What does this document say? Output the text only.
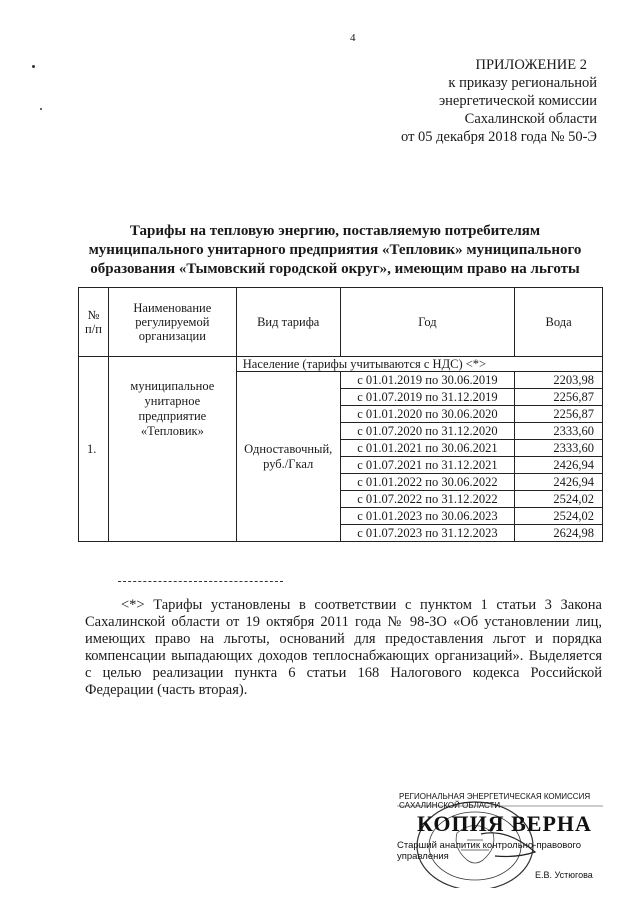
4
ПРИЛОЖЕНИЕ 2
к приказу региональной
энергетической комиссии
Сахалинской области
от 05 декабря 2018 года № 50-Э
Тарифы на тепловую энергию, поставляемую потребителям
муниципального унитарного предприятия «Тепловик» муниципального
образования «Тымовский городской округ», имеющим право на льготы
№ п/п	Наименование регулируемой организации	Вид тарифа	Год	Вода
1.	муниципальное унитарное предприятие «Тепловик»	Население (тарифы учитываются с НДС) <*>		
		Одноставочный, руб./Гкал	с 01.01.2019 по 30.06.2019	2203,98
			с 01.07.2019 по 31.12.2019	2256,87
			с 01.01.2020 по 30.06.2020	2256,87
			с 01.07.2020 по 31.12.2020	2333,60
			с 01.01.2021 по 30.06.2021	2333,60
			с 01.07.2021 по 31.12.2021	2426,94
			с 01.01.2022 по 30.06.2022	2426,94
			с 01.07.2022 по 31.12.2022	2524,02
			с 01.01.2023 по 30.06.2023	2524,02
			с 01.07.2023 по 31.12.2023	2624,98
<*> Тарифы установлены в соответствии с пунктом 1 статьи 3 Закона Сахалинской области от 19 октября 2011 года № 98-ЗО «Об установлении лиц, имеющих право на льготы, оснований для предоставления льгот и порядка компенсации выпадающих доходов теплоснабжающих организаций». Выделяется с целью реализации пункта 6 статьи 168 Налогового кодекса Российской Федерации (часть вторая).
РЕГИОНАЛЬНАЯ ЭНЕРГЕТИЧЕСКАЯ КОМИССИЯ САХАЛИНСКОЙ ОБЛАСТИ
КОПИЯ ВЕРНА
Старший аналитик контрольно-правового управления
Е.В. Устюгова
